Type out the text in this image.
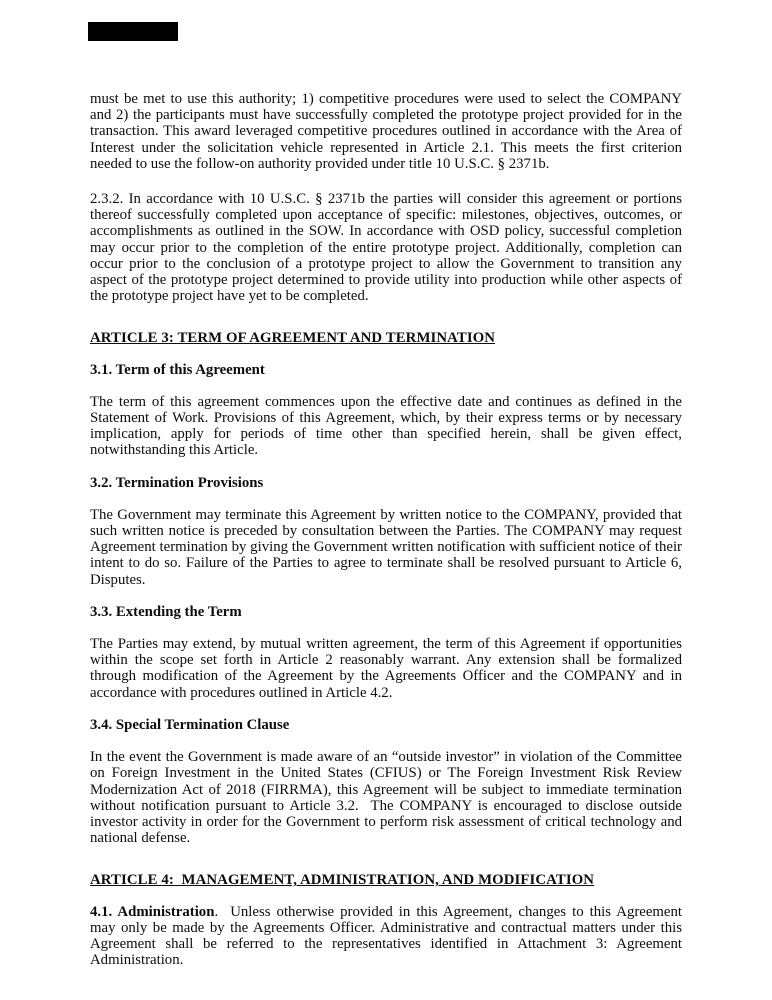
must be met to use this authority; 1) competitive procedures were used to select the COMPANY and 2) the participants must have successfully completed the prototype project provided for in the transaction. This award leveraged competitive procedures outlined in accordance with the Area of Interest under the solicitation vehicle represented in Article 2.1. This meets the first criterion needed to use the follow-on authority provided under title 10 U.S.C. § 2371b.

2.3.2. In accordance with 10 U.S.C. § 2371b the parties will consider this agreement or portions thereof successfully completed upon acceptance of specific: milestones, objectives, outcomes, or accomplishments as outlined in the SOW. In accordance with OSD policy, successful completion may occur prior to the completion of the entire prototype project. Additionally, completion can occur prior to the conclusion of a prototype project to allow the Government to transition any aspect of the prototype project determined to provide utility into production while other aspects of the prototype project have yet to be completed.

ARTICLE 3: TERM OF AGREEMENT AND TERMINATION

3.1. Term of this Agreement

The term of this agreement commences upon the effective date and continues as defined in the Statement of Work. Provisions of this Agreement, which, by their express terms or by necessary implication, apply for periods of time other than specified herein, shall be given effect, notwithstanding this Article.

3.2. Termination Provisions

The Government may terminate this Agreement by written notice to the COMPANY, provided that such written notice is preceded by consultation between the Parties. The COMPANY may request Agreement termination by giving the Government written notification with sufficient notice of their intent to do so. Failure of the Parties to agree to terminate shall be resolved pursuant to Article 6, Disputes.

3.3. Extending the Term

The Parties may extend, by mutual written agreement, the term of this Agreement if opportunities within the scope set forth in Article 2 reasonably warrant. Any extension shall be formalized through modification of the Agreement by the Agreements Officer and the COMPANY and in accordance with procedures outlined in Article 4.2.

3.4. Special Termination Clause

In the event the Government is made aware of an “outside investor” in violation of the Committee on Foreign Investment in the United States (CFIUS) or The Foreign Investment Risk Review Modernization Act of 2018 (FIRRMA), this Agreement will be subject to immediate termination without notification pursuant to Article 3.2.  The COMPANY is encouraged to disclose outside investor activity in order for the Government to perform risk assessment of critical technology and national defense.

ARTICLE 4:  MANAGEMENT, ADMINISTRATION, AND MODIFICATION

4.1. Administration.  Unless otherwise provided in this Agreement, changes to this Agreement may only be made by the Agreements Officer. Administrative and contractual matters under this Agreement shall be referred to the representatives identified in Attachment 3: Agreement Administration.
